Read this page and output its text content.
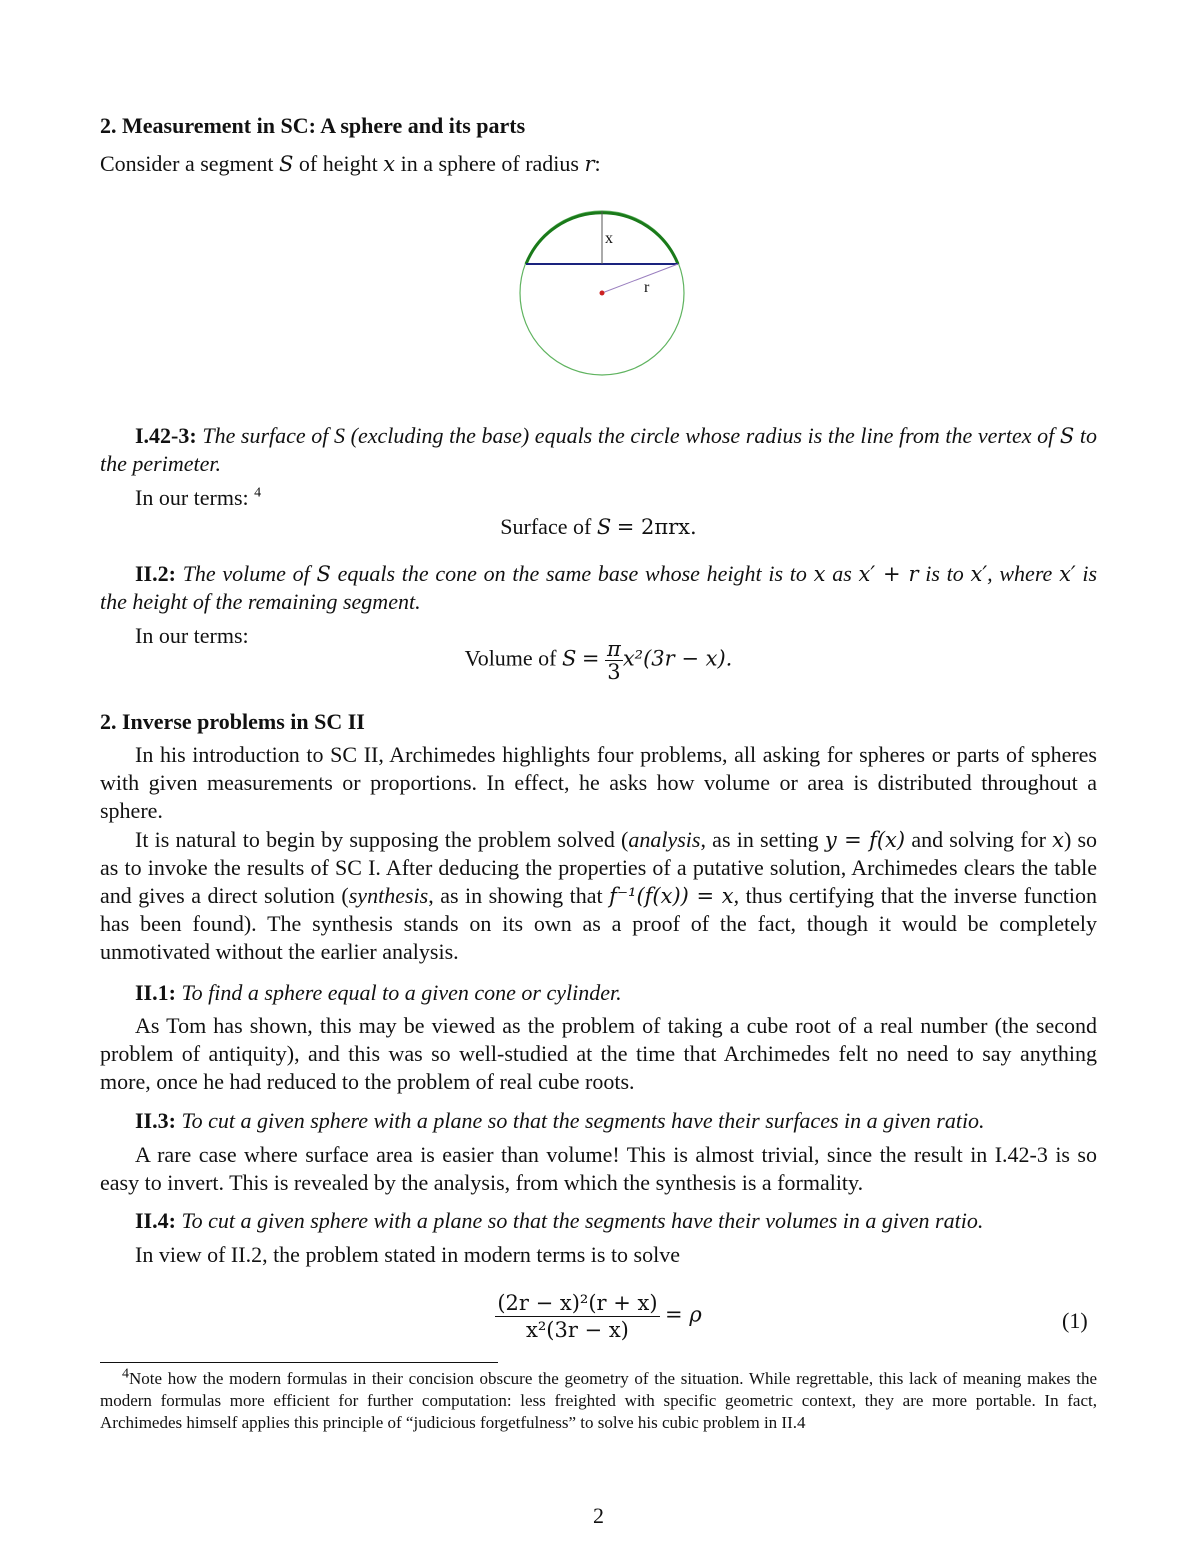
2. Measurement in SC: A sphere and its parts
Consider a segment S of height x in a sphere of radius r:
x
r

I.42-3: The surface of S (excluding the base) equals the circle whose radius is the line from the vertex of S to the perimeter.

In our terms: $^4$
Surface of S = 2πrx.

II.2: The volume of S equals the cone on the same base whose height is to x as x′ + r is to x′, where x′ is the height of the remaining segment.

In our terms:
Volume of $S = \frac{\pi}{3} x^2(3r - x)$.
2. Inverse problems in SC II

In his introduction to SC II, Archimedes highlights four problems, all asking for spheres or parts of spheres with given measurements or proportions. In effect, he asks how volume or area is distributed throughout a sphere.

It is natural to begin by supposing the problem solved (analysis, as in setting y = f(x) and solving for x) so as to invoke the results of SC I. After deducing the properties of a putative solution, Archimedes clears the table and gives a direct solution (synthesis, as in showing that f⁻¹(f(x)) = x, thus certifying that the inverse function has been found). The synthesis stands on its own as a proof of the fact, though it would be completely unmotivated without the earlier analysis.

II.1: To find a sphere equal to a given cone or cylinder.

As Tom has shown, this may be viewed as the problem of taking a cube root of a real number (the second problem of antiquity), and this was so well-studied at the time that Archimedes felt no need to say anything more, once he had reduced to the problem of real cube roots.

II.3: To cut a given sphere with a plane so that the segments have their surfaces in a given ratio.

A rare case where surface area is easier than volume! This is almost trivial, since the result in I.42-3 is so easy to invert. This is revealed by the analysis, from which the synthesis is a formality.

II.4: To cut a given sphere with a plane so that the segments have their volumes in a given ratio.

In view of II.2, the problem stated in modern terms is to solve

$\frac{\text{(2r − x)²(r + x)}}{\text{x²(3r − x)}} = \rho$	(1)

$^4$Note how the modern formulas in their concision obscure the geometry of the situation. While regrettable, this lack of meaning makes the modern formulas more efficient for further computation: less freighted with specific geometric context, they are more portable. In fact, Archimedes himself applies this principle of “judicious forgetfulness” to solve his cubic problem in II.4

2
